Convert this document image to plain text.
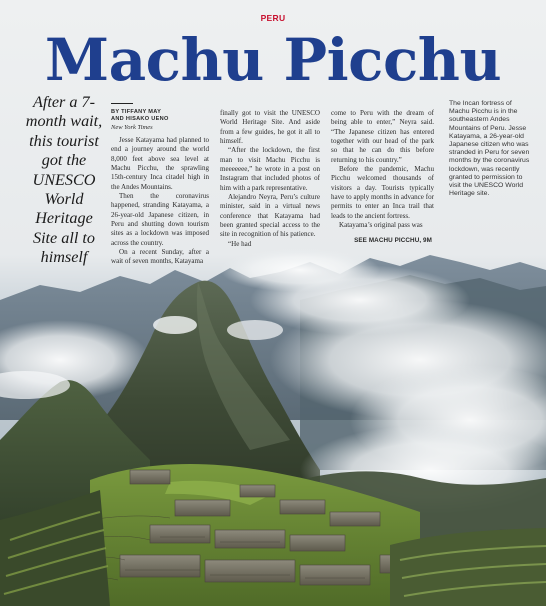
PERU
Machu Picchu
After a 7-month wait, this tourist got the UNESCO World Heritage Site all to himself
BY TIFFANY MAY
AND HISAKO UENO
New York Times

Jesse Katayama had planned to end a journey around the world 8,000 feet above sea level at Machu Picchu, the sprawling 15th-century Inca citadel high in the Andes Mountains.

Then the coronavirus happened, stranding Katayama, a 26-year-old Japanese citizen, in Peru and shutting down tourism sites as a lockdown was imposed across the country.

On a recent Sunday, after a wait of seven months, Katayama

finally got to visit the UNESCO World Heritage Site. And aside from a few guides, he got it all to himself.

“After the lockdown, the first man to visit Machu Picchu is meeeeeee,” he wrote in a post on Instagram that included photos of him with a park representative.

Alejandro Neyra, Peru’s culture minister, said in a virtual news conference that Katayama had been granted special access to the site in recognition of his patience.

“He had

come to Peru with the dream of being able to enter,” Neyra said. “The Japanese citizen has entered together with our head of the park so that he can do this before returning to his country.”

Before the pandemic, Machu Picchu welcomed thousands of visitors a day. Tourists typically have to apply months in advance for permits to enter an Inca trail that leads to the ancient fortress.

Katayama’s original pass was

SEE MACHU PICCHU, 9M
The Incan fortress of Machu Picchu is in the southeastern Andes Mountains of Peru. Jesse Katayama, a 26-year-old Japanese citizen who was stranded in Peru for seven months by the coronavirus lockdown, was recently granted to permission to visit the UNESCO World Heritage site.
